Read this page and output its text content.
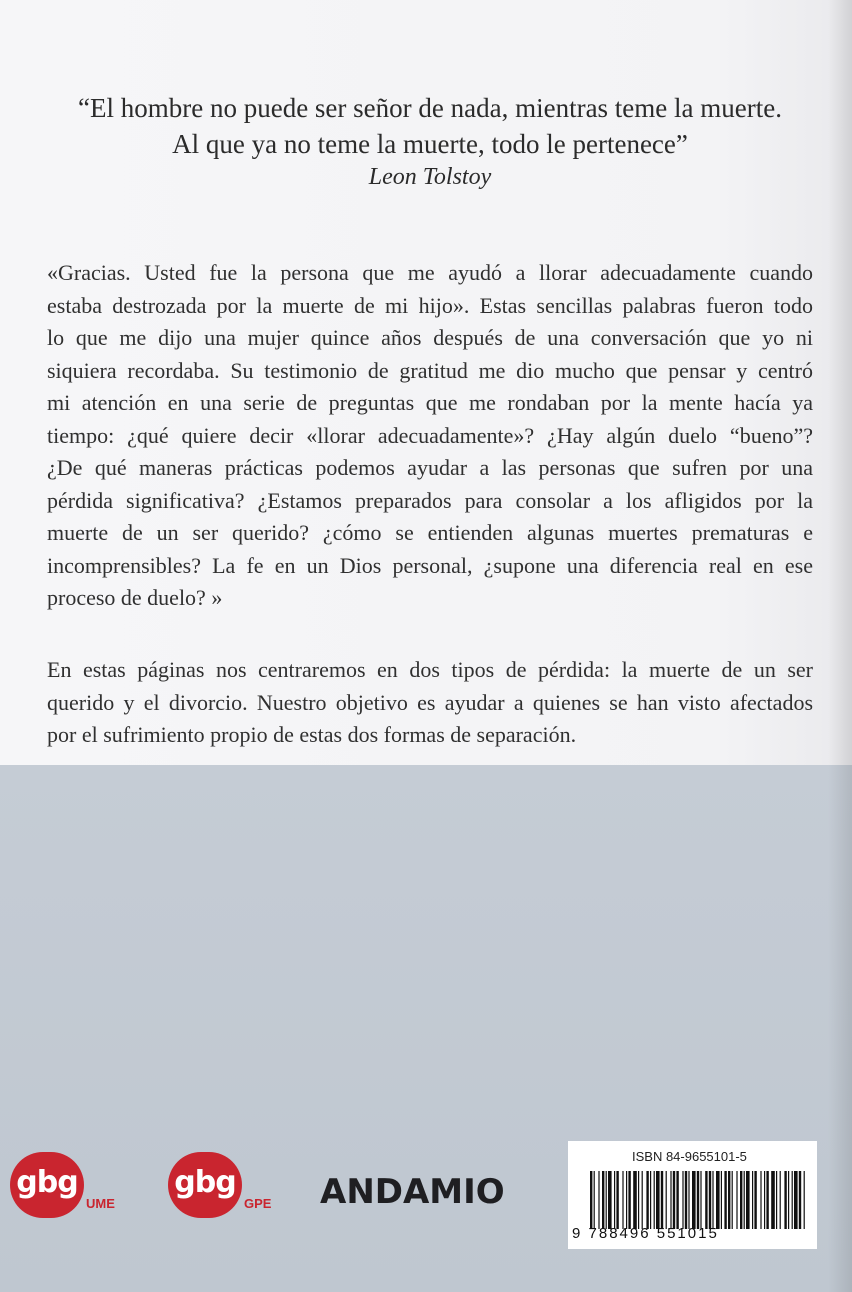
“El hombre no puede ser señor de nada, mientras teme la muerte.
Al que ya no teme la muerte, todo le pertenece”
Leon Tolstoy
«Gracias. Usted fue la persona que me ayudó a llorar adecuadamente cuando
estaba destrozada por la muerte de mi hijo». Estas sencillas palabras fueron todo
lo que me dijo una mujer quince años después de una conversación que yo ni
siquiera recordaba. Su testimonio de gratitud me dio mucho que pensar y centró
mi atención en una serie de preguntas que me rondaban por la mente hacía ya
tiempo: ¿qué quiere decir «llorar adecuadamente»? ¿Hay algún duelo “bueno”?
¿De qué maneras prácticas podemos ayudar a las personas que sufren por una
pérdida significativa? ¿Estamos preparados para consolar a los afligidos por la
muerte de un ser querido? ¿cómo se entienden algunas muertes prematuras e
incomprensibles? La fe en un Dios personal, ¿supone una diferencia real en ese
proceso de duelo? »
En estas páginas nos centraremos en dos tipos de pérdida: la muerte de un ser
querido y el divorcio. Nuestro objetivo es ayudar a quienes se han visto afectados
por el sufrimiento propio de estas dos formas de separación.
gbg
UME
gbg
GPE ANDAMIO
ISBN 84-9655101-5
9 788496 551015
